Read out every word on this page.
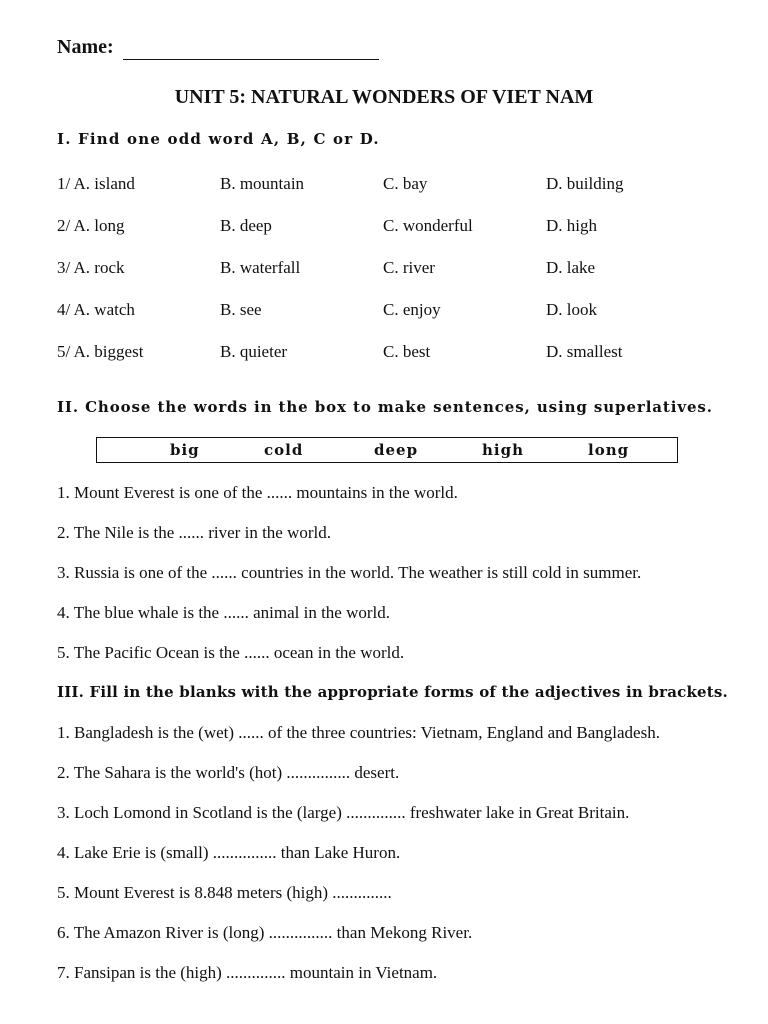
Name:
UNIT 5: NATURAL WONDERS OF VIET NAM
I. Find one odd word A, B, C or D.
1/ A. island	B. mountain	C. bay	D. building
2/ A. long	B. deep	C. wonderful	D. high
3/ A. rock	B. waterfall	C. river	D. lake
4/ A. watch	B. see	C. enjoy	D. look
5/ A. biggest	B. quieter	C. best	D. smallest
II. Choose the words in the box to make sentences, using superlatives.
big	cold	deep	high	long
1. Mount Everest is one of the ...... mountains in the world.
2. The Nile is the ...... river in the world.
3. Russia is one of the ...... countries in the world. The weather is still cold in summer.
4. The blue whale is the ...... animal in the world.
5. The Pacific Ocean is the ...... ocean in the world.
III. Fill in the blanks with the appropriate forms of the adjectives in brackets.
1. Bangladesh is the (wet) ...... of the three countries: Vietnam, England and Bangladesh.
2. The Sahara is the world's (hot) ............... desert.
3. Loch Lomond in Scotland is the (large) .............. freshwater lake in Great Britain.
4. Lake Erie is (small) ............... than Lake Huron.
5. Mount Everest is 8.848 meters (high) ..............
6. The Amazon River is (long) ............... than Mekong River.
7. Fansipan is the (high) .............. mountain in Vietnam.
